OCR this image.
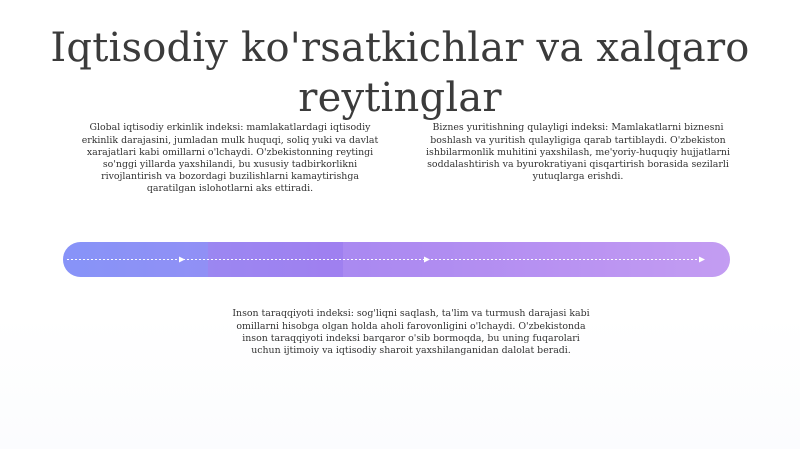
Iqtisodiy ko'rsatkichlar va xalqaro reytinglar

Global iqtisodiy erkinlik indeksi: mamlakatlardagi iqtisodiy erkinlik darajasini, jumladan mulk huquqi, soliq yuki va davlat xarajatlari kabi omillarni o'lchaydi. O'zbekistonning reytingi so'nggi yillarda yaxshilandi, bu xususiy tadbirkorlikni rivojlantirish va bozordagi buzilishlarni kamaytirishga qaratilgan islohotlarni aks ettiradi.

Biznes yuritishning qulayligi indeksi: Mamlakatlarni biznesni boshlash va yuritish qulayligiga qarab tartiblaydi. O'zbekiston ishbilarmonlik muhitini yaxshilash, me'yoriy-huquqiy hujjatlarni soddalashtirish va byurokratiyani qisqartirish borasida sezilarli yutuqlarga erishdi.

Inson taraqqiyoti indeksi: sog'liqni saqlash, ta'lim va turmush darajasi kabi omillarni hisobga olgan holda aholi farovonligini o'lchaydi. O'zbekistonda inson taraqqiyoti indeksi barqaror o'sib bormoqda, bu uning fuqarolari uchun ijtimoiy va iqtisodiy sharoit yaxshilanganidan dalolat beradi.
